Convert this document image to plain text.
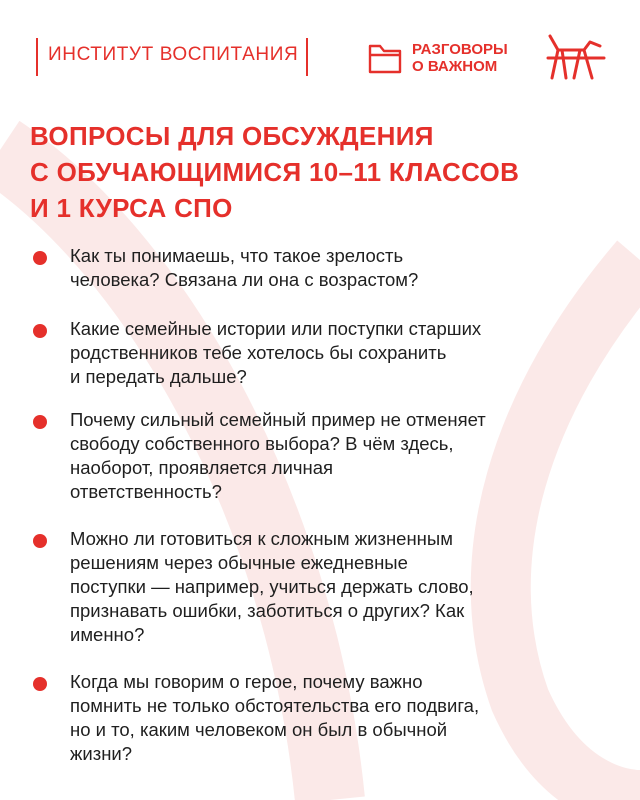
ИНСТИТУТ ВОСПИТАНИЯ	РАЗГОВОРЫ
О ВАЖНОМ
ВОПРОСЫ ДЛЯ ОБСУЖДЕНИЯ
С ОБУЧАЮЩИМИСЯ 10–11 КЛАССОВ
И 1 КУРСА СПО
Как ты понимаешь, что такое зрелость
человека? Связана ли она с возрастом?
Какие семейные истории или поступки старших
родственников тебе хотелось бы сохранить
и передать дальше?
Почему сильный семейный пример не отменяет
свободу собственного выбора? В чём здесь,
наоборот, проявляется личная
ответственность?
Можно ли готовиться к сложным жизненным
решениям через обычные ежедневные
поступки — например, учиться держать слово,
признавать ошибки, заботиться о других? Как
именно?
Когда мы говорим о герое, почему важно
помнить не только обстоятельства его подвига,
но и то, каким человеком он был в обычной
жизни?
